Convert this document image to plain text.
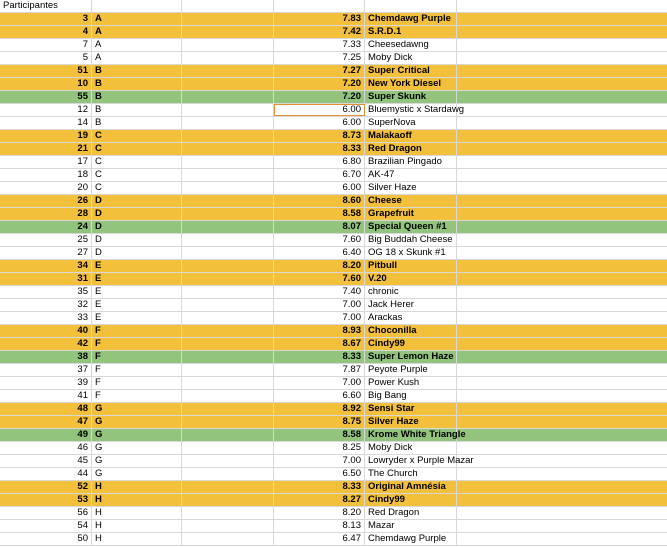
Participantes
3 A	7.83 Chemdawg Purple
4 A	7.42 S.R.D.1
7 A	7.33 Cheesedawng
5 A	7.25 Moby Dick
51 B	7.27 Super Critical
10 B	7.20 New York Diesel
55 B	7.20 Super Skunk
12 B	6.00 Bluemystic x Stardawg
14 B	6.00 SuperNova
19 C	8.73 Malakaoff
21 C	8.33 Red Dragon
17 C	6.80 Brazilian Pingado
18 C	6.70 AK-47
20 C	6.00 Silver Haze
26 D	8.60 Cheese
28 D	8.58 Grapefruit
24 D	8.07 Special Queen #1
25 D	7.60 Big Buddah Cheese
27 D	6.40 OG 18 x Skunk #1
34 E	8.20 Pitbull
31 E	7.60 V.20
35 E	7.40 chronic
32 E	7.00 Jack Herer
33 E	7.00 Arackas
40 F	8.93 Choconilla
42 F	8.67 Cindy99
38 F	8.33 Super Lemon Haze
37 F	7.87 Peyote Purple
39 F	7.00 Power Kush
41 F	6.60 Big Bang
48 G	8.92 Sensi Star
47 G	8.75 Silver Haze
49 G	8.58 Krome White Triangle
46 G	8.25 Moby Dick
45 G	7.00 Lowryder x Purple Mazar
44 G	6.50 The Church
52 H	8.33 Original Amnésia
53 H	8.27 Cindy99
56 H	8.20 Red Dragon
54 H	8.13 Mazar
50 H	6.47 Chemdawg Purple
